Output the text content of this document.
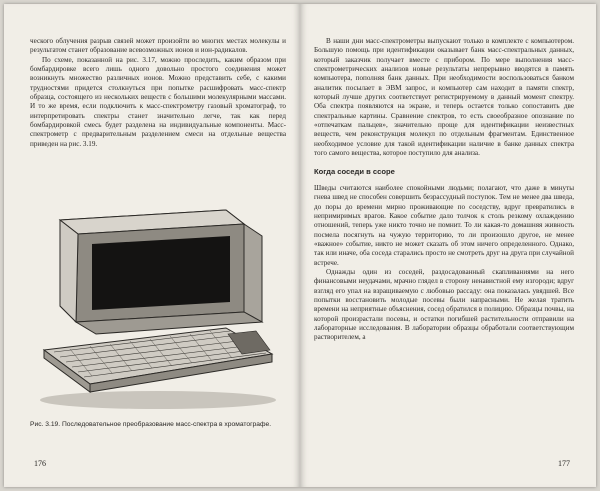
ческого облучения разрыв связей может произойти во многих местах молекулы и результатом станет образование всевозможных ионов и ион-радикалов.

По схеме, показанной на рис. 3.17, можно проследить, каким образом при бомбардировке всего лишь одного довольно простого соединения может возникнуть множество различных ионов. Можно представить себе, с какими трудностями придется столкнуться при попытке расшифровать масс-спектр образца, состоящего из нескольких веществ с большими молекулярными массами. И то же время, если подключить к масс-спектрометру газовый хроматограф, то интерпретировать спектры станет значительно легче, так как перед бомбардировкой смесь будет разделена на индивидуальные компоненты. Масс-спектрометр с предварительным разделением смеси на отдельные вещества приведен на рис. 3.19.

Рис. 3.19. Последовательное преобразование масс-спектра в хроматографе.
176

В наши дни масс-спектрометры выпускают только в комплекте с компьютером. Большую помощь при идентификации оказывает банк масс-спектральных данных, который заказчик получает вместе с прибором. По мере выполнения масс-спектрометрических анализов новые результаты непрерывно вводятся в память компьютера, пополняя банк данных. При необходимости воспользоваться банком аналитик посылает в ЭВМ запрос, и компьютер сам находит в памяти спектр, который лучше других соответствует регистрируемому в данный момент спектру. Оба спектра появляются на экране, и теперь остается только сопоставить две спектральные картины. Сравнение спектров, то есть своеобразное опознание по «отпечаткам пальцев», значительно проще для идентификации неизвестных веществ, чем реконструкция молекул по отдельным фрагментам. Единственное необходимое условие для такой идентификации наличие в банке данных спектра того самого вещества, которое поступило для анализа.

Когда соседи в ссоре

Шведы считаются наиболее спокойными людьми; полагают, что даже в минуты гнева швед не способен совершить безрассудный поступок. Тем не менее два шведа, до поры до времени мирно проживающие по соседству, вдруг превратились в непримиримых врагов. Какое событие дало толчок к столь резкому охлаждению отношений, теперь уже никто точно не помнит. То ли какая-то домашняя живность посмела посягнуть на чужую территорию, то ли произошло другое, не менее «важное» событие, никто не может сказать об этом ничего определенного. Однако, так или иначе, оба соседа старались просто не смотреть друг на друга при случайной встрече.

Однажды один из соседей, раздосадованный скапливаниями на него финансовыми неудачами, мрачно глядел в сторону ненавистной ему изгороди; вдруг взгляд его упал на взращиваемую с любовью рассаду: она показалась увядшей. Все попытки восстановить молодые посевы были напрасными. Не желая тратить времени на неприятные объяснения, сосед обратился в полицию. Образцы почвы, на которой произрастали посевы, и остатки погибшей растительности отправили на лабораторные исследования. В лаборатории образцы обработали соответствующим растворителем, а

177
